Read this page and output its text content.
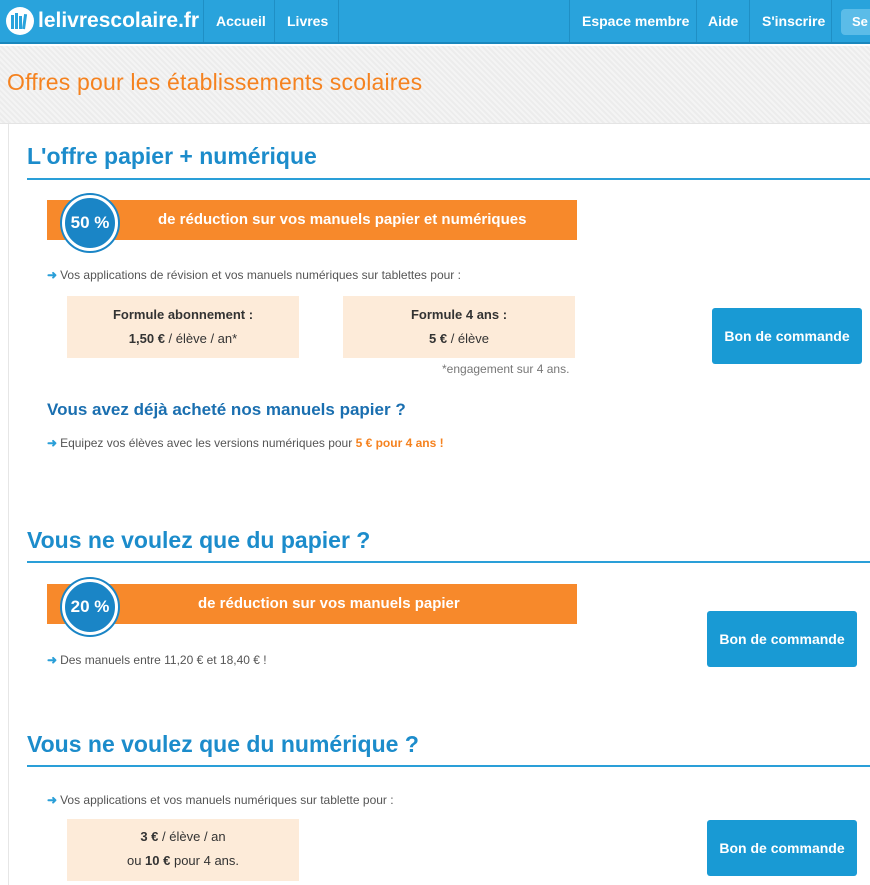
lelivrescolaire.fr Accueil Livres	Espace membre Aide S'inscrire	Se
Offres pour les établissements scolaires
L'offre papier + numérique
de réduction sur vos manuels papier et numériques
50 %
➜ Vos applications de révision et vos manuels numériques sur tablettes pour :
Formule abonnement :
1,50 € / élève / an*
Formule 4 ans :
5 € / élève
*engagement sur 4 ans.
Bon de commande
Vous avez déjà acheté nos manuels papier ?
➜ Equipez vos élèves avec les versions numériques pour 5 € pour 4 ans !
Vous ne voulez que du papier ?
de réduction sur vos manuels papier
20 %
➜ Des manuels entre 11,20 € et 18,40 € !
Bon de commande
Vous ne voulez que du numérique ?
➜ Vos applications et vos manuels numériques sur tablette pour :
3 € / élève / an
ou 10 € pour 4 ans.
Bon de commande
